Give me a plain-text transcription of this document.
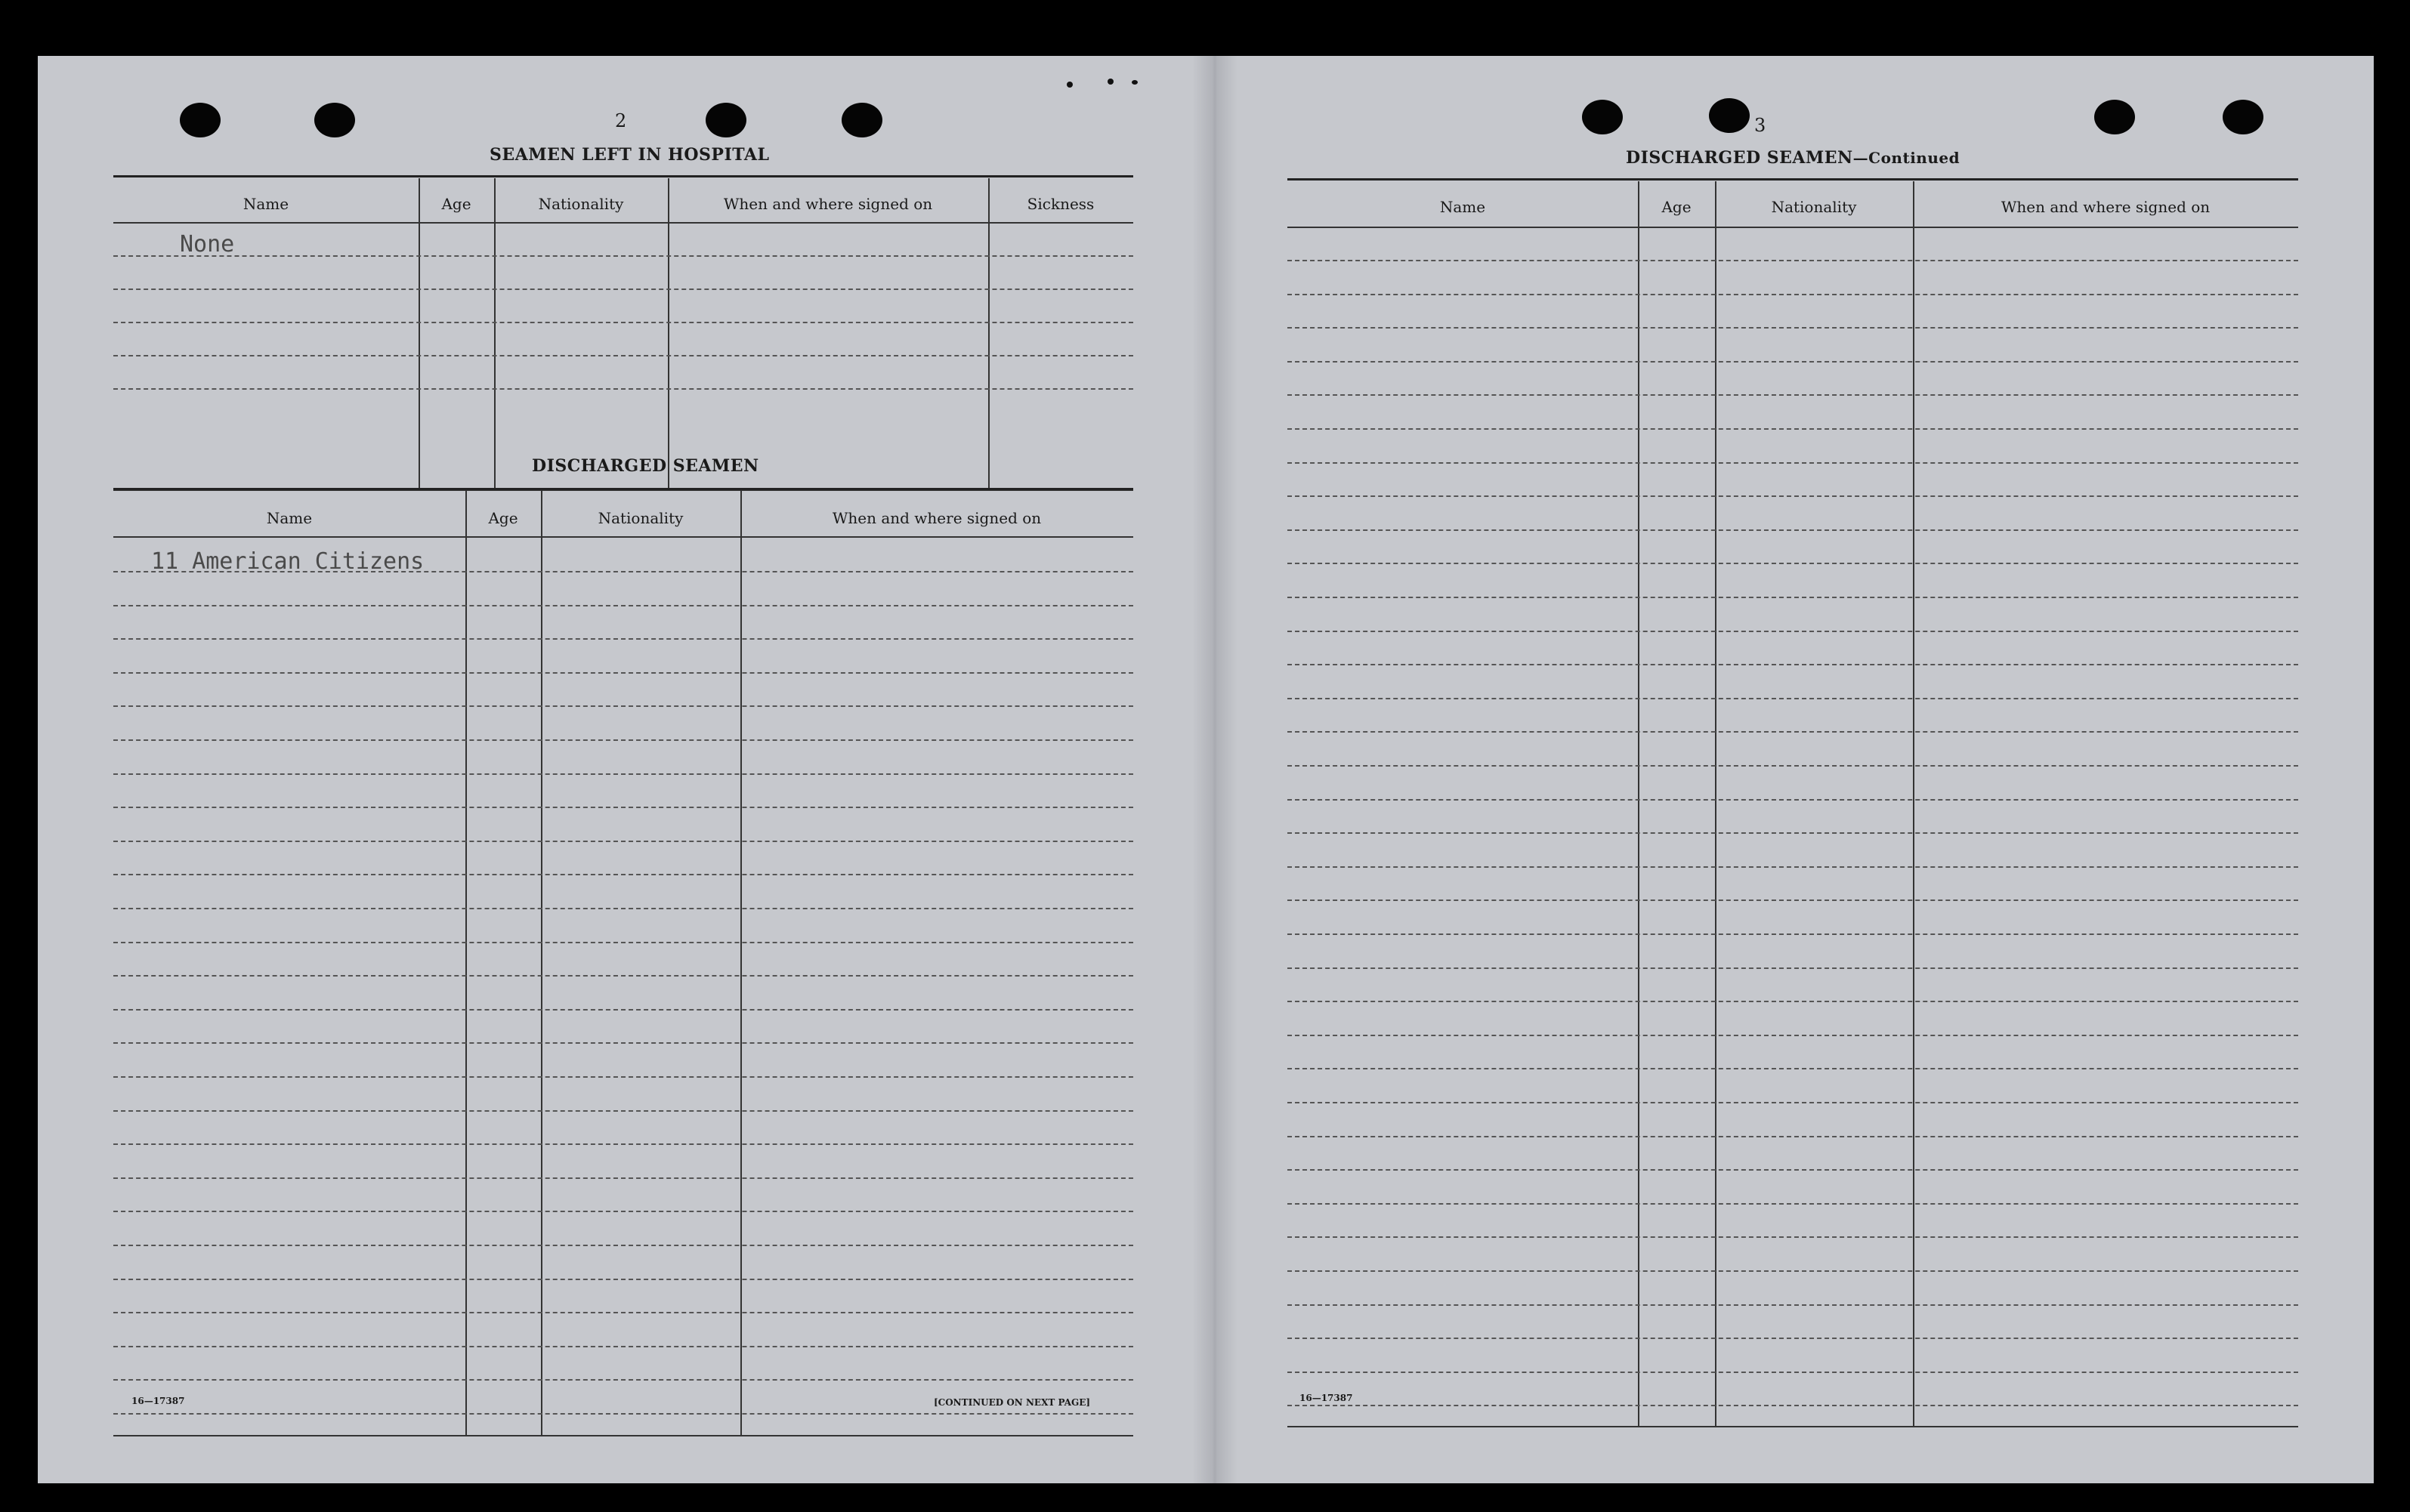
2
SEAMEN LEFT IN HOSPITAL
Name	Age	Nationality	When and where signed on	Sickness
None
DISCHARGED SEAMEN
Name	Age	Nationality	When and where signed on
11 American Citizens
16—17387	[CONTINUED ON NEXT PAGE]
3
DISCHARGED SEAMEN—Continued
Name	Age	Nationality	When and where signed on
16—17387
